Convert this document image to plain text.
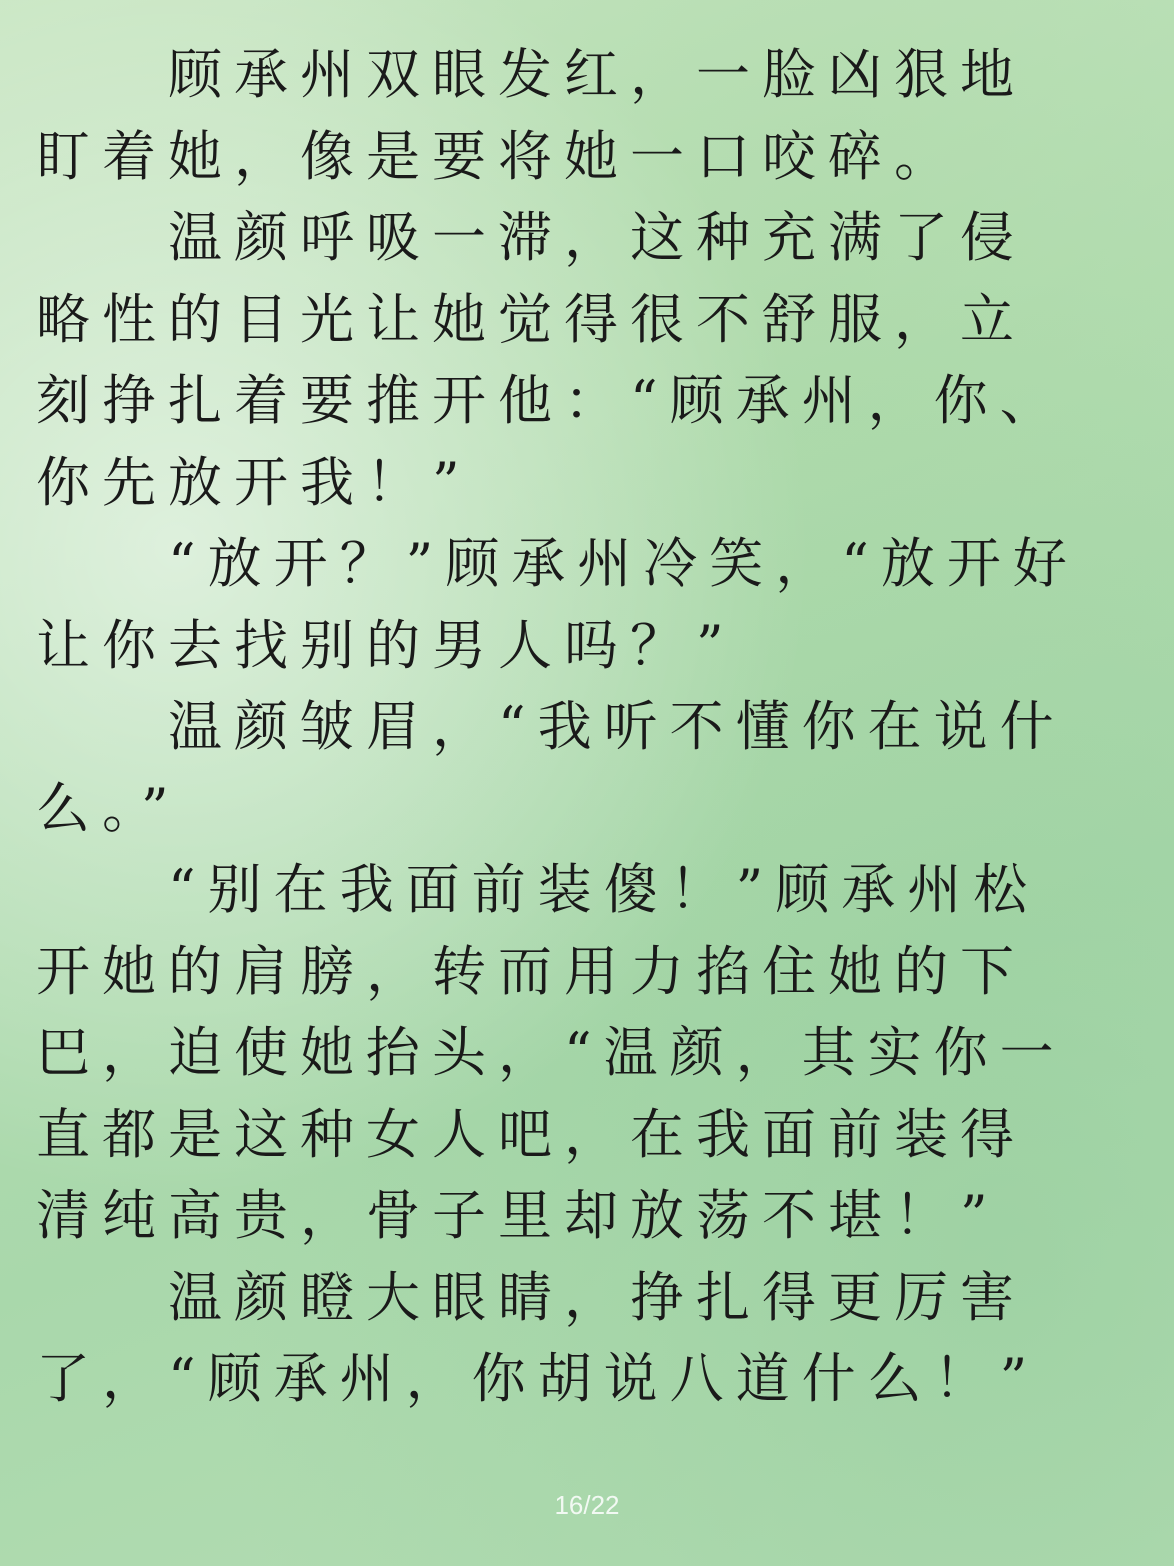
顾承州双眼发红，一脸凶狠地盯着她，像是要将她一口咬碎。

温颜呼吸一滞，这种充满了侵略性的目光让她觉得很不舒服，立刻挣扎着要推开他：“顾承州，你、你先放开我！”

“放开？”顾承州冷笑，“放开好让你去找别的男人吗？”

温颜皱眉，“我听不懂你在说什么。”

“别在我面前装傻！”顾承州松开她的肩膀，转而用力掐住她的下巴，迫使她抬头，“温颜，其实你一直都是这种女人吧，在我面前装得清纯高贵，骨子里却放荡不堪！”

温颜瞪大眼睛，挣扎得更厉害了，“顾承州，你胡说八道什么！”

16/22
